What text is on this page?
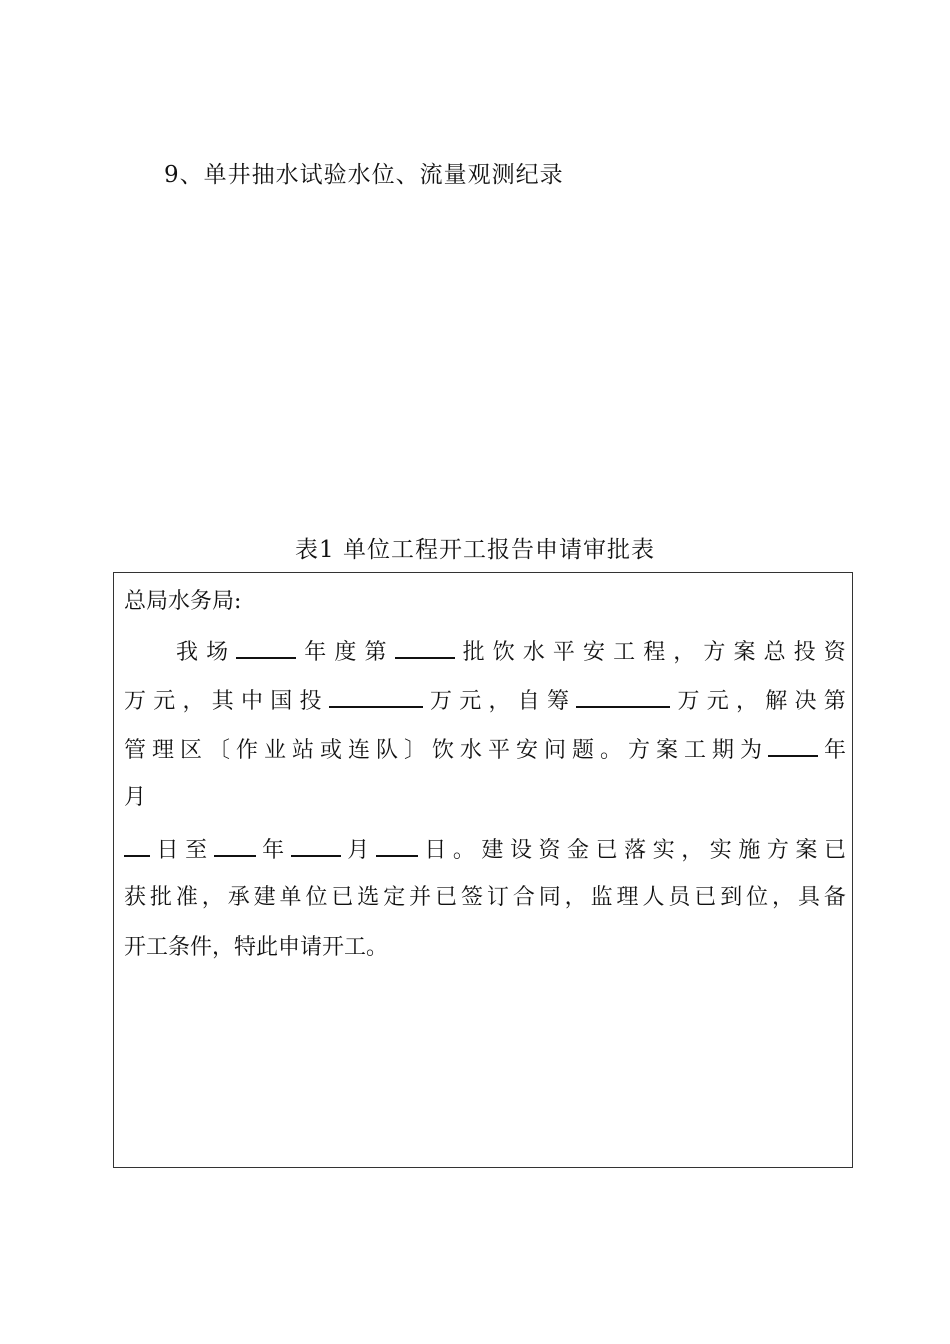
9、单井抽水试验水位、流量观测纪录
表1 单位工程开工报告申请审批表
总局水务局:
我 场	年 度 第	批 饮 水 平 安 工 程 ， 方 案 总 投 资
万 元 ， 其 中 国 投	万 元 ， 自 筹	万 元 ， 解 决 第
管 理 区 〔 作 业 站 或 连 队 〕 饮 水 平 安 问 题 。 方 案 工 期 为	年
月
日 至	年	月	日 。 建 设 资 金 已 落 实 ， 实 施 方 案 已
获 批 准 ， 承 建 单 位 已 选 定 并 已 签 订 合 同 ， 监 理 人 员 已 到 位 ， 具 备
开工条件，特此申请开工。
